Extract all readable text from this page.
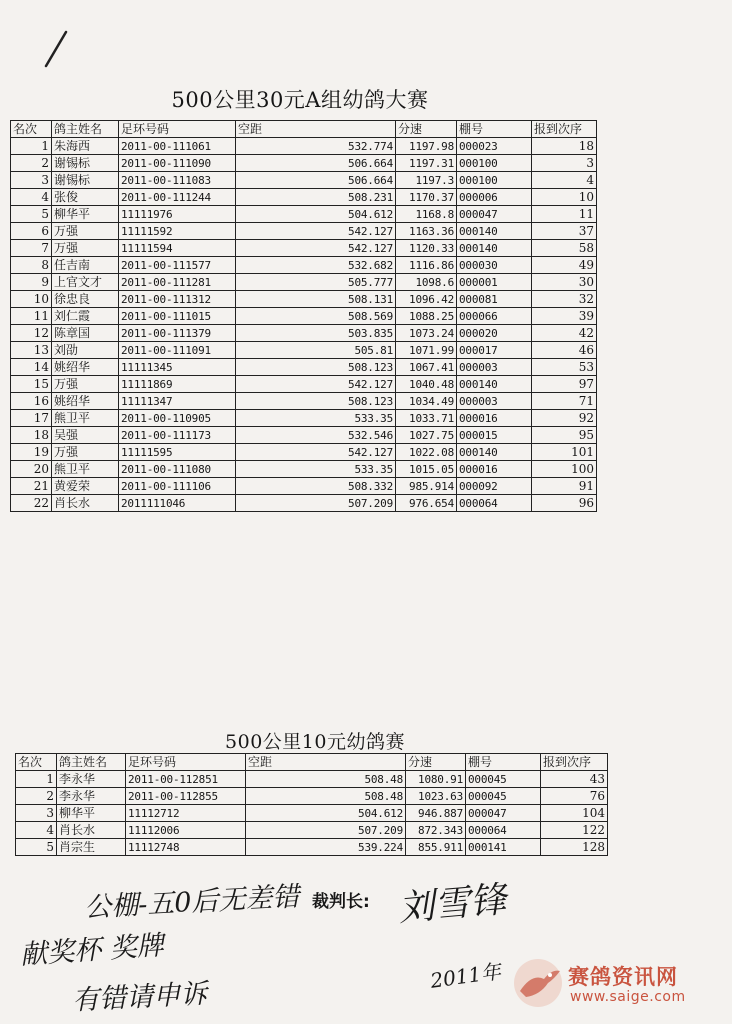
500公里30元A组幼鸽大赛
名次	鸽主姓名	足环号码	空距	分速	棚号	报到次序
1	朱海西	2011-00-111061	532.774	1197.98	000023	18
2	谢锡标	2011-00-111090	506.664	1197.31	000100	3
3	谢锡标	2011-00-111083	506.664	1197.3	000100	4
4	张俊	2011-00-111244	508.231	1170.37	000006	10
5	柳华平	11111976	504.612	1168.8	000047	11
6	万强	11111592	542.127	1163.36	000140	37
7	万强	11111594	542.127	1120.33	000140	58
8	任吉南	2011-00-111577	532.682	1116.86	000030	49
9	上官文才	2011-00-111281	505.777	1098.6	000001	30
10	徐忠良	2011-00-111312	508.131	1096.42	000081	32
11	刘仁霞	2011-00-111015	508.569	1088.25	000066	39
12	陈章国	2011-00-111379	503.835	1073.24	000020	42
13	刘劭	2011-00-111091	505.81	1071.99	000017	46
14	姚绍华	11111345	508.123	1067.41	000003	53
15	万强	11111869	542.127	1040.48	000140	97
16	姚绍华	11111347	508.123	1034.49	000003	71
17	熊卫平	2011-00-110905	533.35	1033.71	000016	92
18	吴强	2011-00-111173	532.546	1027.75	000015	95
19	万强	11111595	542.127	1022.08	000140	101
20	熊卫平	2011-00-111080	533.35	1015.05	000016	100
21	黄爱荣	2011-00-111106	508.332	985.914	000092	91
22	肖长水	2011111046	507.209	976.654	000064	96
500公里10元幼鸽赛
名次	鸽主姓名	足环号码	空距	分速	棚号	报到次序
1	李永华	2011-00-112851	508.48	1080.91	000045	43
2	李永华	2011-00-112855	508.48	1023.63	000045	76
3	柳华平	11112712	504.612	946.887	000047	104
4	肖长水	11112006	507.209	872.343	000064	122
5	肖宗生	11112748	539.224	855.911	000141	128
公棚-五0后无差错
献奖杯 奖牌
有错请申诉
裁判长: 刘雪锋
2011年	赛鸽资讯网
www.saige.com
